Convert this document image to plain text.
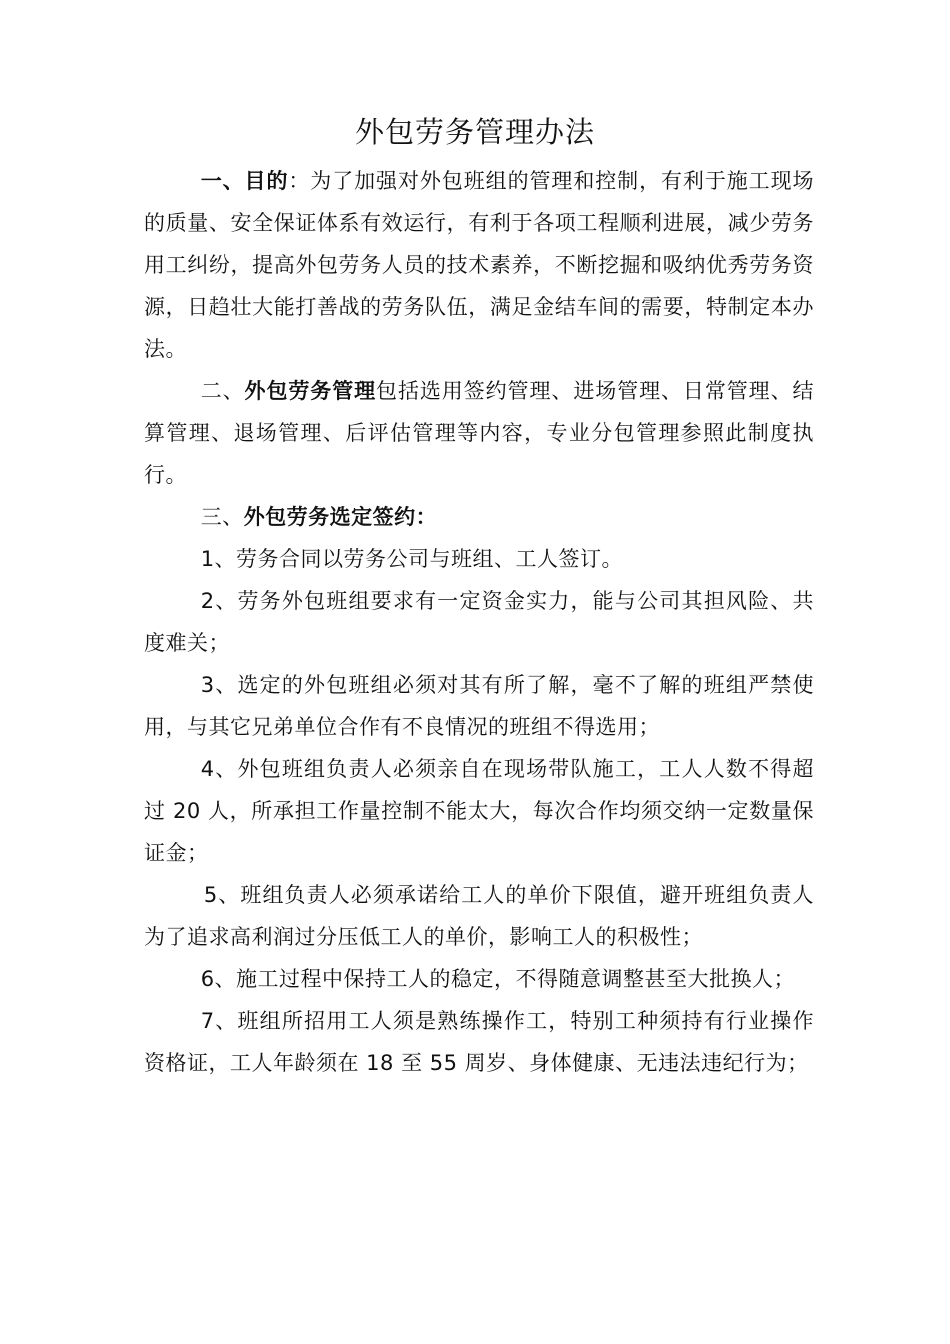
外包劳务管理办法

一、目的：为了加强对外包班组的管理和控制，有利于施工现场的质量、安全保证体系有效运行，有利于各项工程顺利进展，减少劳务用工纠纷，提高外包劳务人员的技术素养，不断挖掘和吸纳优秀劳务资源，日趋壮大能打善战的劳务队伍，满足金结车间的需要，特制定本办法。

二、外包劳务管理包括选用签约管理、进场管理、日常管理、结算管理、退场管理、后评估管理等内容，专业分包管理参照此制度执行。

三、外包劳务选定签约：

1、劳务合同以劳务公司与班组、工人签订。

2、劳务外包班组要求有一定资金实力，能与公司其担风险、共度难关；

3、选定的外包班组必须对其有所了解，毫不了解的班组严禁使用，与其它兄弟单位合作有不良情况的班组不得选用；

4、外包班组负责人必须亲自在现场带队施工，工人人数不得超过 20 人，所承担工作量控制不能太大，每次合作均须交纳一定数量保证金；

5、班组负责人必须承诺给工人的单价下限值，避开班组负责人为了追求高利润过分压低工人的单价，影响工人的积极性；

6、施工过程中保持工人的稳定，不得随意调整甚至大批换人；

7、班组所招用工人须是熟练操作工，特别工种须持有行业操作资格证，工人年龄须在 18 至 55 周岁、身体健康、无违法违纪行为；
